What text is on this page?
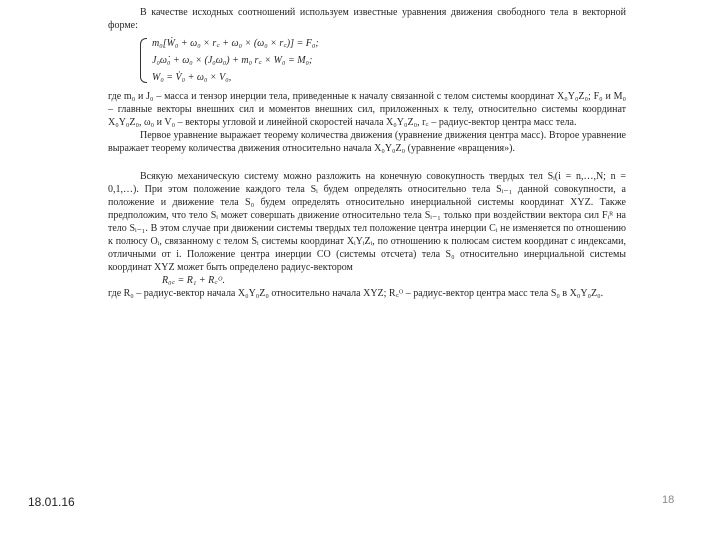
В качестве исходных соотношений используем известные уравнения движения свободного тела в векторной форме:

m₀[Ẇ₀ + ω₀ × r꜀ + ω₀ × (ω₀ × r꜀)] = F₀;
J₀ω̇₀ + ω₀ × (J₀ω₀) + m₀ r꜀ × W₀ = M₀;
W₀ = V̇₀ + ω₀ × V₀,

где m₀ и J₀ – масса и тензор инерции тела, приведенные к началу связанной с телом системы координат X₀Y₀Z₀; F₀ и M₀ – главные векторы внешних сил и моментов внешних сил, приложенных к телу, относительно системы координат X₀Y₀Z₀, ω₀ и V₀ – векторы угловой и линейной скоростей начала X₀Y₀Z₀, r꜀ – радиус-вектор центра масс тела.

Первое уравнение выражает теорему количества движения (уравнение движения центра масс). Второе уравнение выражает теорему количества движения относительно начала X₀Y₀Z₀ (уравнение «вращения»).

Всякую механическую систему можно разложить на конечную совокупность твердых тел Sᵢ(i = n,…,N; n = 0,1,…). При этом положение каждого тела Sᵢ будем определять относительно тела Sᵢ₋₁ данной совокупности, а положение и движение тела S₀ будем определять относительно инерциальной системы координат XYZ. Также предположим, что тело Sᵢ может совершать движение относительно тела Sᵢ₋₁ только при воздействии вектора сил Fᵢᴿ на тело Sᵢ₋₁. В этом случае при движении системы твердых тел положение центра инерции Cᵢ не изменяется по отношению к полюсу Oᵢ, связанному с телом Sᵢ системы координат XᵢYᵢZᵢ, по отношению к полюсам систем координат с индексами, отличными от i. Положение центра инерции СО (системы отсчета) тела S₀ относительно инерциальной системы координат XYZ может быть определено радиус-вектором

R₀꜀ = R₁ + R꜀ᴼ.

где R₀ – радиус-вектор начала X₀Y₀Z₀ относительно начала XYZ; R꜀ᴼ – радиус-вектор центра масс тела S₀ в X₀Y₀Z₀.

18.01.16	18
